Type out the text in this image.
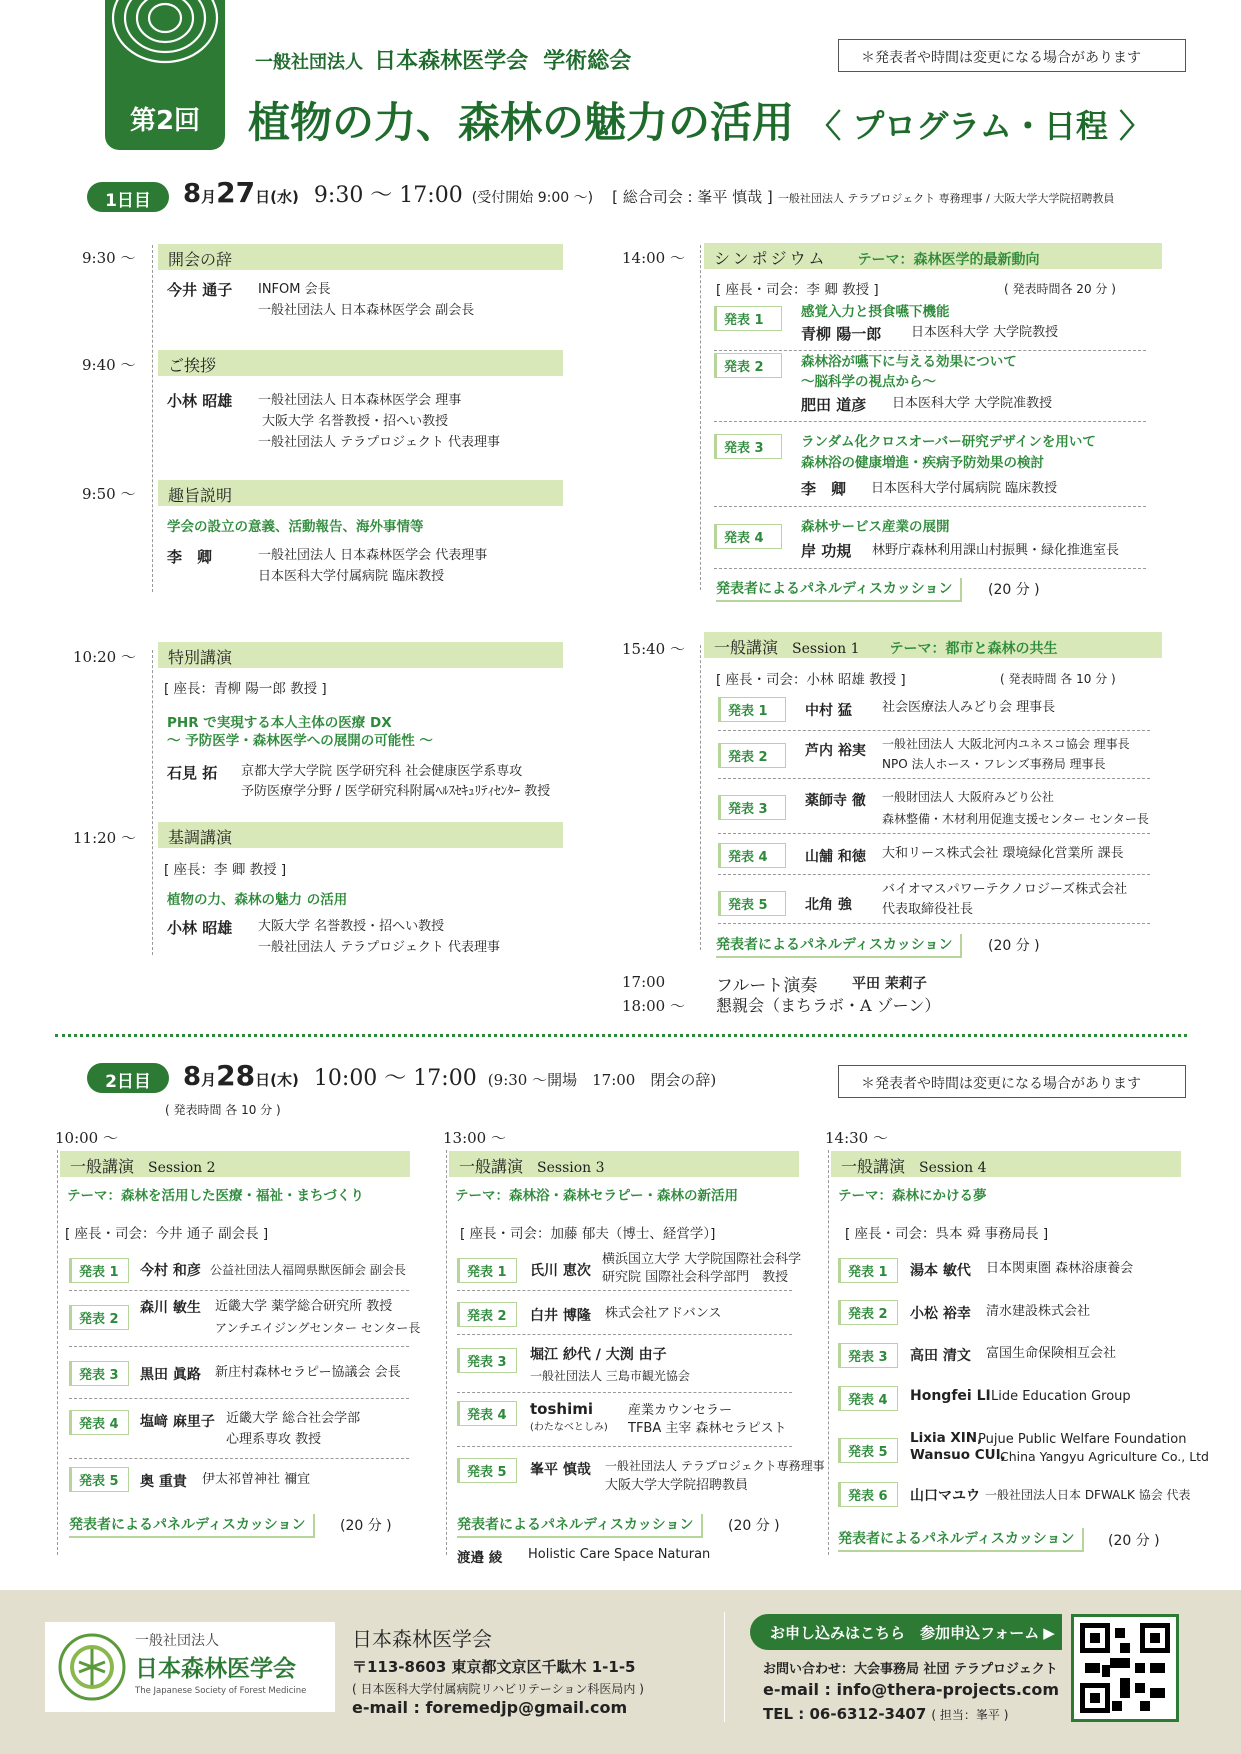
第2回
一般社団法人 日本森林医学会 学術総会
植物の力、森林の魅力の活用 〈 プログラム・日程 〉
＊発表者や時間は変更になる場合があります
1日目	8月27日(水) 9:30 〜 17:00 (受付開始 9:00 〜) [ 総合司会 : 峯平 慎哉 ] 一般社団法人 テラプロジェクト 専務理事 / 大阪大学大学院招聘教員
9:30 〜	開会の辞
今井 通子 INFOM 会長
一般社団法人 日本森林医学会 副会長
9:40 〜	ご挨拶
小林 昭雄 一般社団法人 日本森林医学会 理事
大阪大学 名誉教授・招へい教授
一般社団法人 テラプロジェクト 代表理事
9:50 〜	趣旨説明
学会の設立の意義、活動報告、海外事情等
李　卿	一般社団法人 日本森林医学会 代表理事
日本医科大学付属病院 臨床教授
10:20 〜	特別講演
[ 座長：青柳 陽一郎 教授 ]
PHR で実現する本人主体の医療 DX
〜 予防医学・森林医学への展開の可能性 〜
石見 拓 京都大学大学院 医学研究科 社会健康医学系専攻
予防医療学分野 / 医学研究科附属ﾍﾙｽｾｷｭﾘﾃｨｾﾝﾀｰ 教授
11:20 〜	基調講演
[ 座長：李 卿 教授 ]
植物の力、森林の魅力 の活用
小林 昭雄 大阪大学 名誉教授・招へい教授
一般社団法人 テラプロジェクト 代表理事
14:00 〜	シンポジウム テーマ：森林医学的最新動向
[ 座長・司会：李 卿 教授 ]	( 発表時間各 20 分 )
発表 1
感覚入力と摂食嚥下機能
青柳 陽一郎 日本医科大学 大学院教授
発表 2	森林浴が嚥下に与える効果について
〜脳科学の視点から〜
肥田 道彦 日本医科大学 大学院准教授
発表 3	ランダム化クロスオーバー研究デザインを用いて
森林浴の健康増進・疾病予防効果の検討
李　卿 日本医科大学付属病院 臨床教授
発表 4
森林サービス産業の展開
岸 功規 林野庁森林利用課山村振興・緑化推進室長
発表者によるパネルディスカッション	(20 分 )
15:40 〜	一般講演 Session 1 テーマ：都市と森林の共生
[ 座長・司会：小林 昭雄 教授 ]	( 発表時間 各 10 分 )
発表 1	中村 猛 社会医療法人みどり会 理事長
発表 2	芦内 裕実 一般社団法人 大阪北河内ユネスコ協会 理事長
NPO 法人ホース・フレンズ事務局 理事長
発表 3
薬師寺 徹 一般財団法人 大阪府みどり公社
森林整備・木材利用促進支援センター センター長
発表 4	山舗 和徳 大和リース株式会社 環境緑化営業所 課長
発表 5	北角 強
バイオマスパワーテクノロジーズ株式会社
代表取締役社長
発表者によるパネルディスカッション	(20 分 )
17:00
18:00 〜
フルート演奏 平田 茉莉子
懇親会（まちラボ・A ゾーン）
2日目	8月28日(木) 10:00 〜 17:00 (9:30 〜開場　17:00　閉会の辞)	＊発表者や時間は変更になる場合があります
( 発表時間 各 10 分 )
10:00 〜
一般講演 Session 2
テーマ：森林を活用した医療・福祉・まちづくり
[ 座長・司会：今井 通子 副会長 ]
発表 1	今村 和彦 公益社団法人福岡県獣医師会 副会長
発表 2
森川 敏生 近畿大学 薬学総合研究所 教授
アンチエイジングセンター センター長
発表 3	黒田 眞路 新庄村森林セラピー協議会 会長
発表 4	塩﨑 麻里子 近畿大学 総合社会学部
心理系専攻 教授
発表 5	奥 重貴 伊太祁曽神社 禰宜
発表者によるパネルディスカッション	(20 分 )
13:00 〜
一般講演 Session 3
テーマ：森林浴・森林セラピー・森林の新活用
[ 座長・司会：加藤 郁夫（博士、経営学）]
発表 1	氏川 恵次
横浜国立大学 大学院国際社会科学
研究院 国際社会科学部門　教授
発表 2	白井 博隆 株式会社アドバンス
発表 3	堀江 紗代 / 大渕 由子
一般社団法人 三島市観光協会
発表 4	toshimi
(わたなべとしみ)
産業カウンセラー
TFBA 主宰 森林セラピスト
発表 5	峯平 慎哉 一般社団法人 テラプロジェクト専務理事
大阪大学大学院招聘教員
発表者によるパネルディスカッション	(20 分 )
渡邉 綾 Holistic Care Space Naturan
14:30 〜
一般講演 Session 4
テーマ：森林にかける夢
[ 座長・司会：呉本 舜 事務局長 ]
発表 1	湯本 敏代 日本関東圏 森林浴康養会
発表 2	小松 裕幸 清水建設株式会社
発表 3	高田 清文 富国生命保険相互会社
発表 4	Hongfei LI Lide Education Group
発表 5
Lixia XIN,
Pujue Public Welfare Foundation
Wansuo CUI,
China Yangyu Agriculture Co., Ltd
発表 6	山口マユウ 一般社団法人日本 DFWALK 協会 代表
発表者によるパネルディスカッション	(20 分 )
一般社団法人
日本森林医学会
The Japanese Society of Forest Medicine
日本森林医学会
〒113-8603 東京都文京区千駄木 1-1-5
( 日本医科大学付属病院リハビリテーション科医局内 )
e-mail : foremedjp@gmail.com
お申し込みはこちら　参加申込フォーム ▶
お問い合わせ：大会事務局 社団 テラプロジェクト
e-mail : info@thera-projects.com
TEL : 06-6312-3407 ( 担当：峯平 )
